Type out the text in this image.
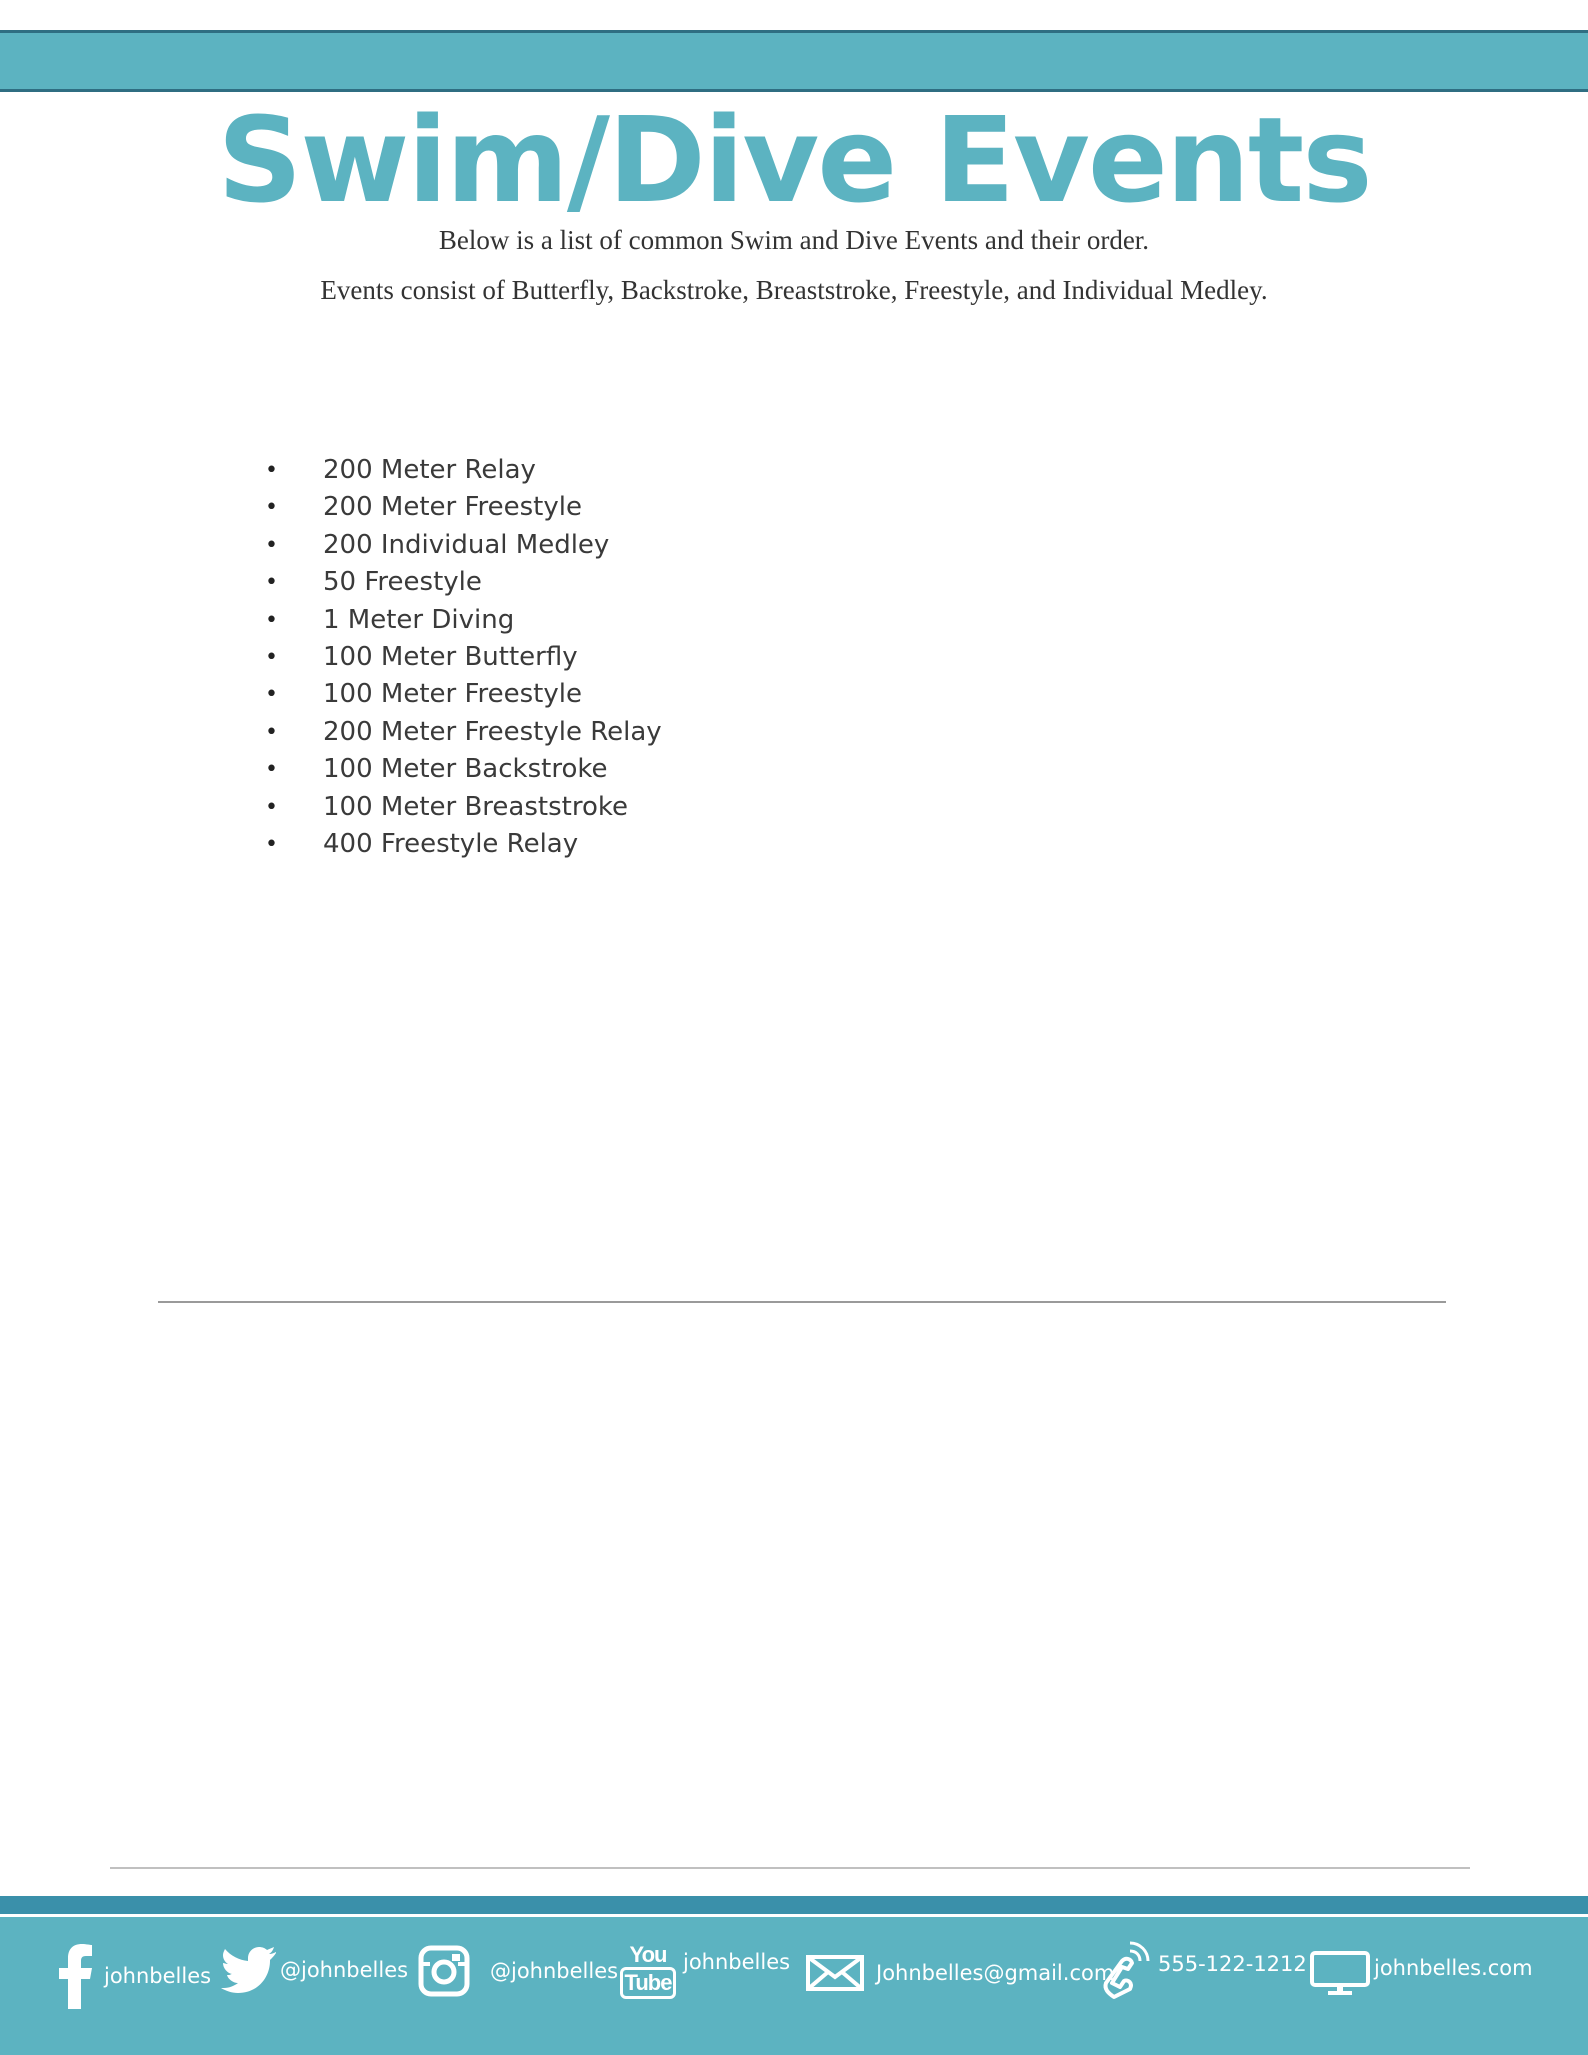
Swim/Dive Events
Below is a list of common Swim and Dive Events and their order.
Events consist of Butterfly, Backstroke, Breaststroke, Freestyle, and Individual Medley.
• 200 Meter Relay
• 200 Meter Freestyle
• 200 Individual Medley
• 50 Freestyle
• 1 Meter Diving
• 100 Meter Butterfly
• 100 Meter Freestyle
• 200 Meter Freestyle Relay
• 100 Meter Backstroke
• 100 Meter Breaststroke
• 400 Freestyle Relay
johnbelles	@johnbelles	@johnbelles
You
Tube
johnbelles	Johnbelles@gmail.com 555-122-1212	johnbelles.com
